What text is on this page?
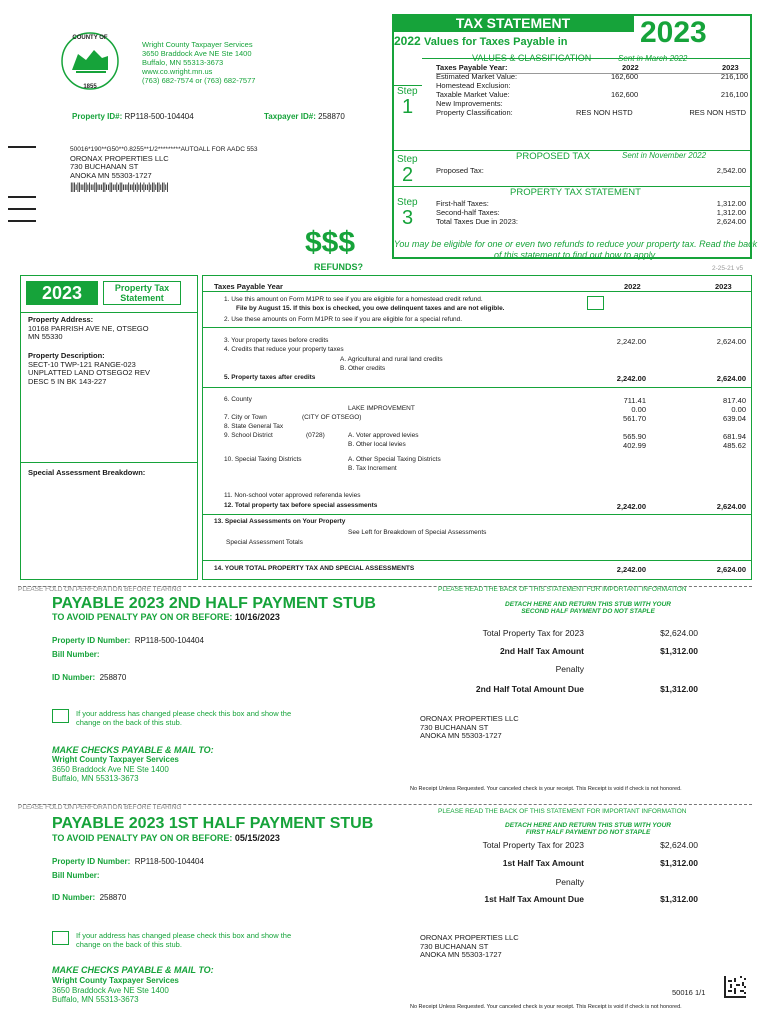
COUNTY OF
1855
Wright County Taxpayer Services
3650 Braddock Ave NE Ste 1400
Buffalo, MN 55313-3673
www.co.wright.mn.us
(763) 682-7574 or (763) 682-7577
Property ID#: RP118-500-104404	Taxpayer ID#: 258870
50016*190**G50**0.8255**1/2*********AUTOALL FOR AADC 553
ORONAX PROPERTIES LLC
730 BUCHANAN ST
ANOKA MN 55303-1727
|||ı||ıı||ı|ıı||ııı||ıı||ıı|ı||ııı|ıı|ı|ı|ı|ıı|ı||ı||ı||ı|
TAX STATEMENT	2023
2022 Values for Taxes Payable in
VALUES & CLASSIFICATION	Sent in March 2022
Step
1
Taxes Payable Year:	2022	2023
Estimated Market Value:	162,600	216,100
Homestead Exclusion:
Taxable Market Value:	162,600	216,100
New Improvements:
Property Classification:	RES NON HSTD	RES NON HSTD
PROPOSED TAX	Sent in November 2022
Step
2	Proposed Tax:	2,542.00
PROPERTY TAX STATEMENT
Step
3
First-half Taxes:	1,312.00
Second-half Taxes:	1,312.00
Total Taxes Due in 2023:	2,624.00
$$$
REFUNDS?
You may be eligible for one or even two refunds to reduce your property tax. Read the back of this statement to find out how to apply.
2-25-21 v5
2023	Property Tax Statement
Property Address:
10168 PARRISH AVE NE, OTSEGO
MN 55330
Property Description:
SECT-10 TWP-121 RANGE-023
UNPLATTED LAND OTSEGO2 REV
DESC 5 IN BK 143-227
Special Assessment Breakdown:
Taxes Payable Year	2022	2023
1. Use this amount on Form M1PR to see if you are eligible for a homestead credit refund.
File by August 15. If this box is checked, you owe delinquent taxes and are not eligible.
2. Use these amounts on Form M1PR to see if you are eligible for a special refund.
3. Your property taxes before credits	2,242.00	2,624.00
4. Credits that reduce your property taxes
A. Agricultural and rural land credits
B. Other credits
5. Property taxes after credits	2,242.00	2,624.00
6. County	711.41	817.40
LAKE IMPROVEMENT	0.00	0.00
7. City or Town	(CITY OF OTSEGO)	561.70	639.04
8. State General Tax
9. School District	(0728)	A. Voter approved levies	565.90	681.94
B. Other local levies	402.99	485.62
10. Special Taxing Districts	A. Other Special Taxing Districts
B. Tax Increment
11. Non-school voter approved referenda levies
12. Total property tax before special assessments	2,242.00	2,624.00
13. Special Assessments on Your Property
See Left for Breakdown of Special Assessments
Special Assessment Totals
14. YOUR TOTAL PROPERTY TAX AND SPECIAL ASSESSMENTS	2,242.00	2,624.00
PLEASE FOLD ON PERFORATION BEFORE TEARING	PLEASE READ THE BACK OF THIS STATEMENT FOR IMPORTANT INFORMATION
PAYABLE 2023 2ND HALF PAYMENT STUB
TO AVOID PENALTY PAY ON OR BEFORE: 10/16/2023
DETACH HERE AND RETURN THIS STUB WITH YOUR SECOND HALF PAYMENT DO NOT STAPLE
Property ID Number: RP118-500-104404
Bill Number:
ID Number: 258870
Total Property Tax for 2023	$2,624.00
2nd Half Tax Amount	$1,312.00
Penalty
2nd Half Total Amount Due	$1,312.00
If your address has changed please check this box and show the change on the back of this stub.	ORONAX PROPERTIES LLC
730 BUCHANAN ST
ANOKA MN 55303-1727
MAKE CHECKS PAYABLE & MAIL TO:
Wright County Taxpayer Services
3650 Braddock Ave NE Ste 1400
Buffalo, MN 55313-3673
No Receipt Unless Requested. Your canceled check is your receipt. This Receipt is void if check is not honored.
PLEASE FOLD ON PERFORATION BEFORE TEARING
PLEASE READ THE BACK OF THIS STATEMENT FOR IMPORTANT INFORMATION
PAYABLE 2023 1ST HALF PAYMENT STUB
TO AVOID PENALTY PAY ON OR BEFORE: 05/15/2023
DETACH HERE AND RETURN THIS STUB WITH YOUR FIRST HALF PAYMENT DO NOT STAPLE
Total Property Tax for 2023	$2,624.00
Property ID Number: RP118-500-104404	1st Half Tax Amount	$1,312.00
Bill Number:
Penalty
ID Number: 258870	1st Half Tax Amount Due	$1,312.00
If your address has changed please check this box and show the change on the back of this stub.
ORONAX PROPERTIES LLC
730 BUCHANAN ST
ANOKA MN 55303-1727
MAKE CHECKS PAYABLE & MAIL TO:
Wright County Taxpayer Services
3650 Braddock Ave NE Ste 1400
Buffalo, MN 55313-3673
50016 1/1
No Receipt Unless Requested. Your canceled check is your receipt. This Receipt is void if check is not honored.
